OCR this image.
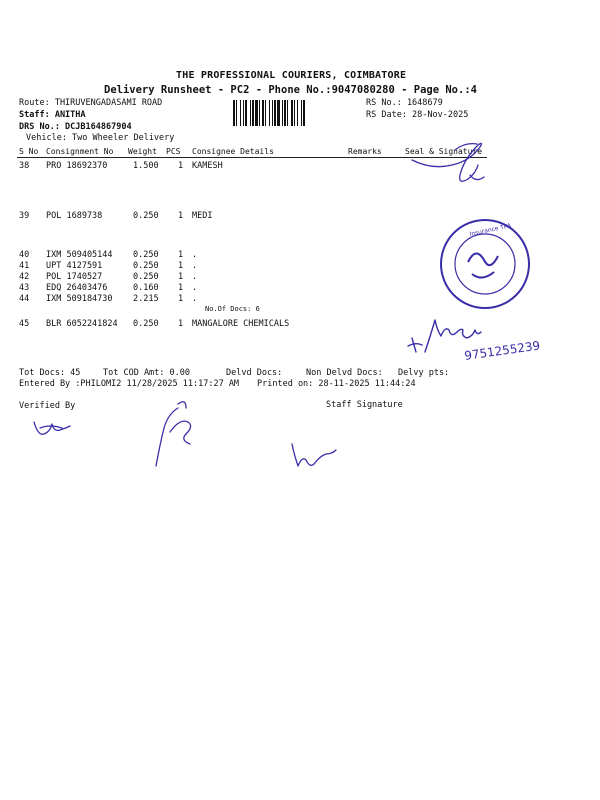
THE PROFESSIONAL COURIERS, COIMBATORE
Delivery Runsheet - PC2 - Phone No.:9047080280 - Page No.:4
Route: THIRUVENGADASAMI ROAD
Staff: ANITHA
DRS No.: DCJB164867904
Vehicle: Two Wheeler Delivery
RS No.: 1648679
RS Date: 28-Nov-2025
S No Consignment No Weight PCS Consignee Details	Remarks	Seal & Signature
38 PRO 18692370	1.500 1 KAMESH
39 POL 1689738	0.250 1 MEDI
40 IXM 509405144 0.250 1 .
41 UPT 4127591	0.250 1 .
42 POL 1740527	0.250 1 .
43 EDQ 26403476	0.160 1 .
44 IXM 509184730 2.215 1 .
No.Of Docs: 6
45 BLR 6052241824 0.250 1 MANGALORE CHEMICALS
Tot Docs: 45	Tot COD Amt: 0.00	Delvd Docs:	Non Delvd Docs: Delvy pts:
Entered By :PHILOMI2 11/28/2025 11:17:27 AM Printed on: 28-11-2025 11:44:24
Verified By	Staff Signature
Insurance TPA
9751255239
